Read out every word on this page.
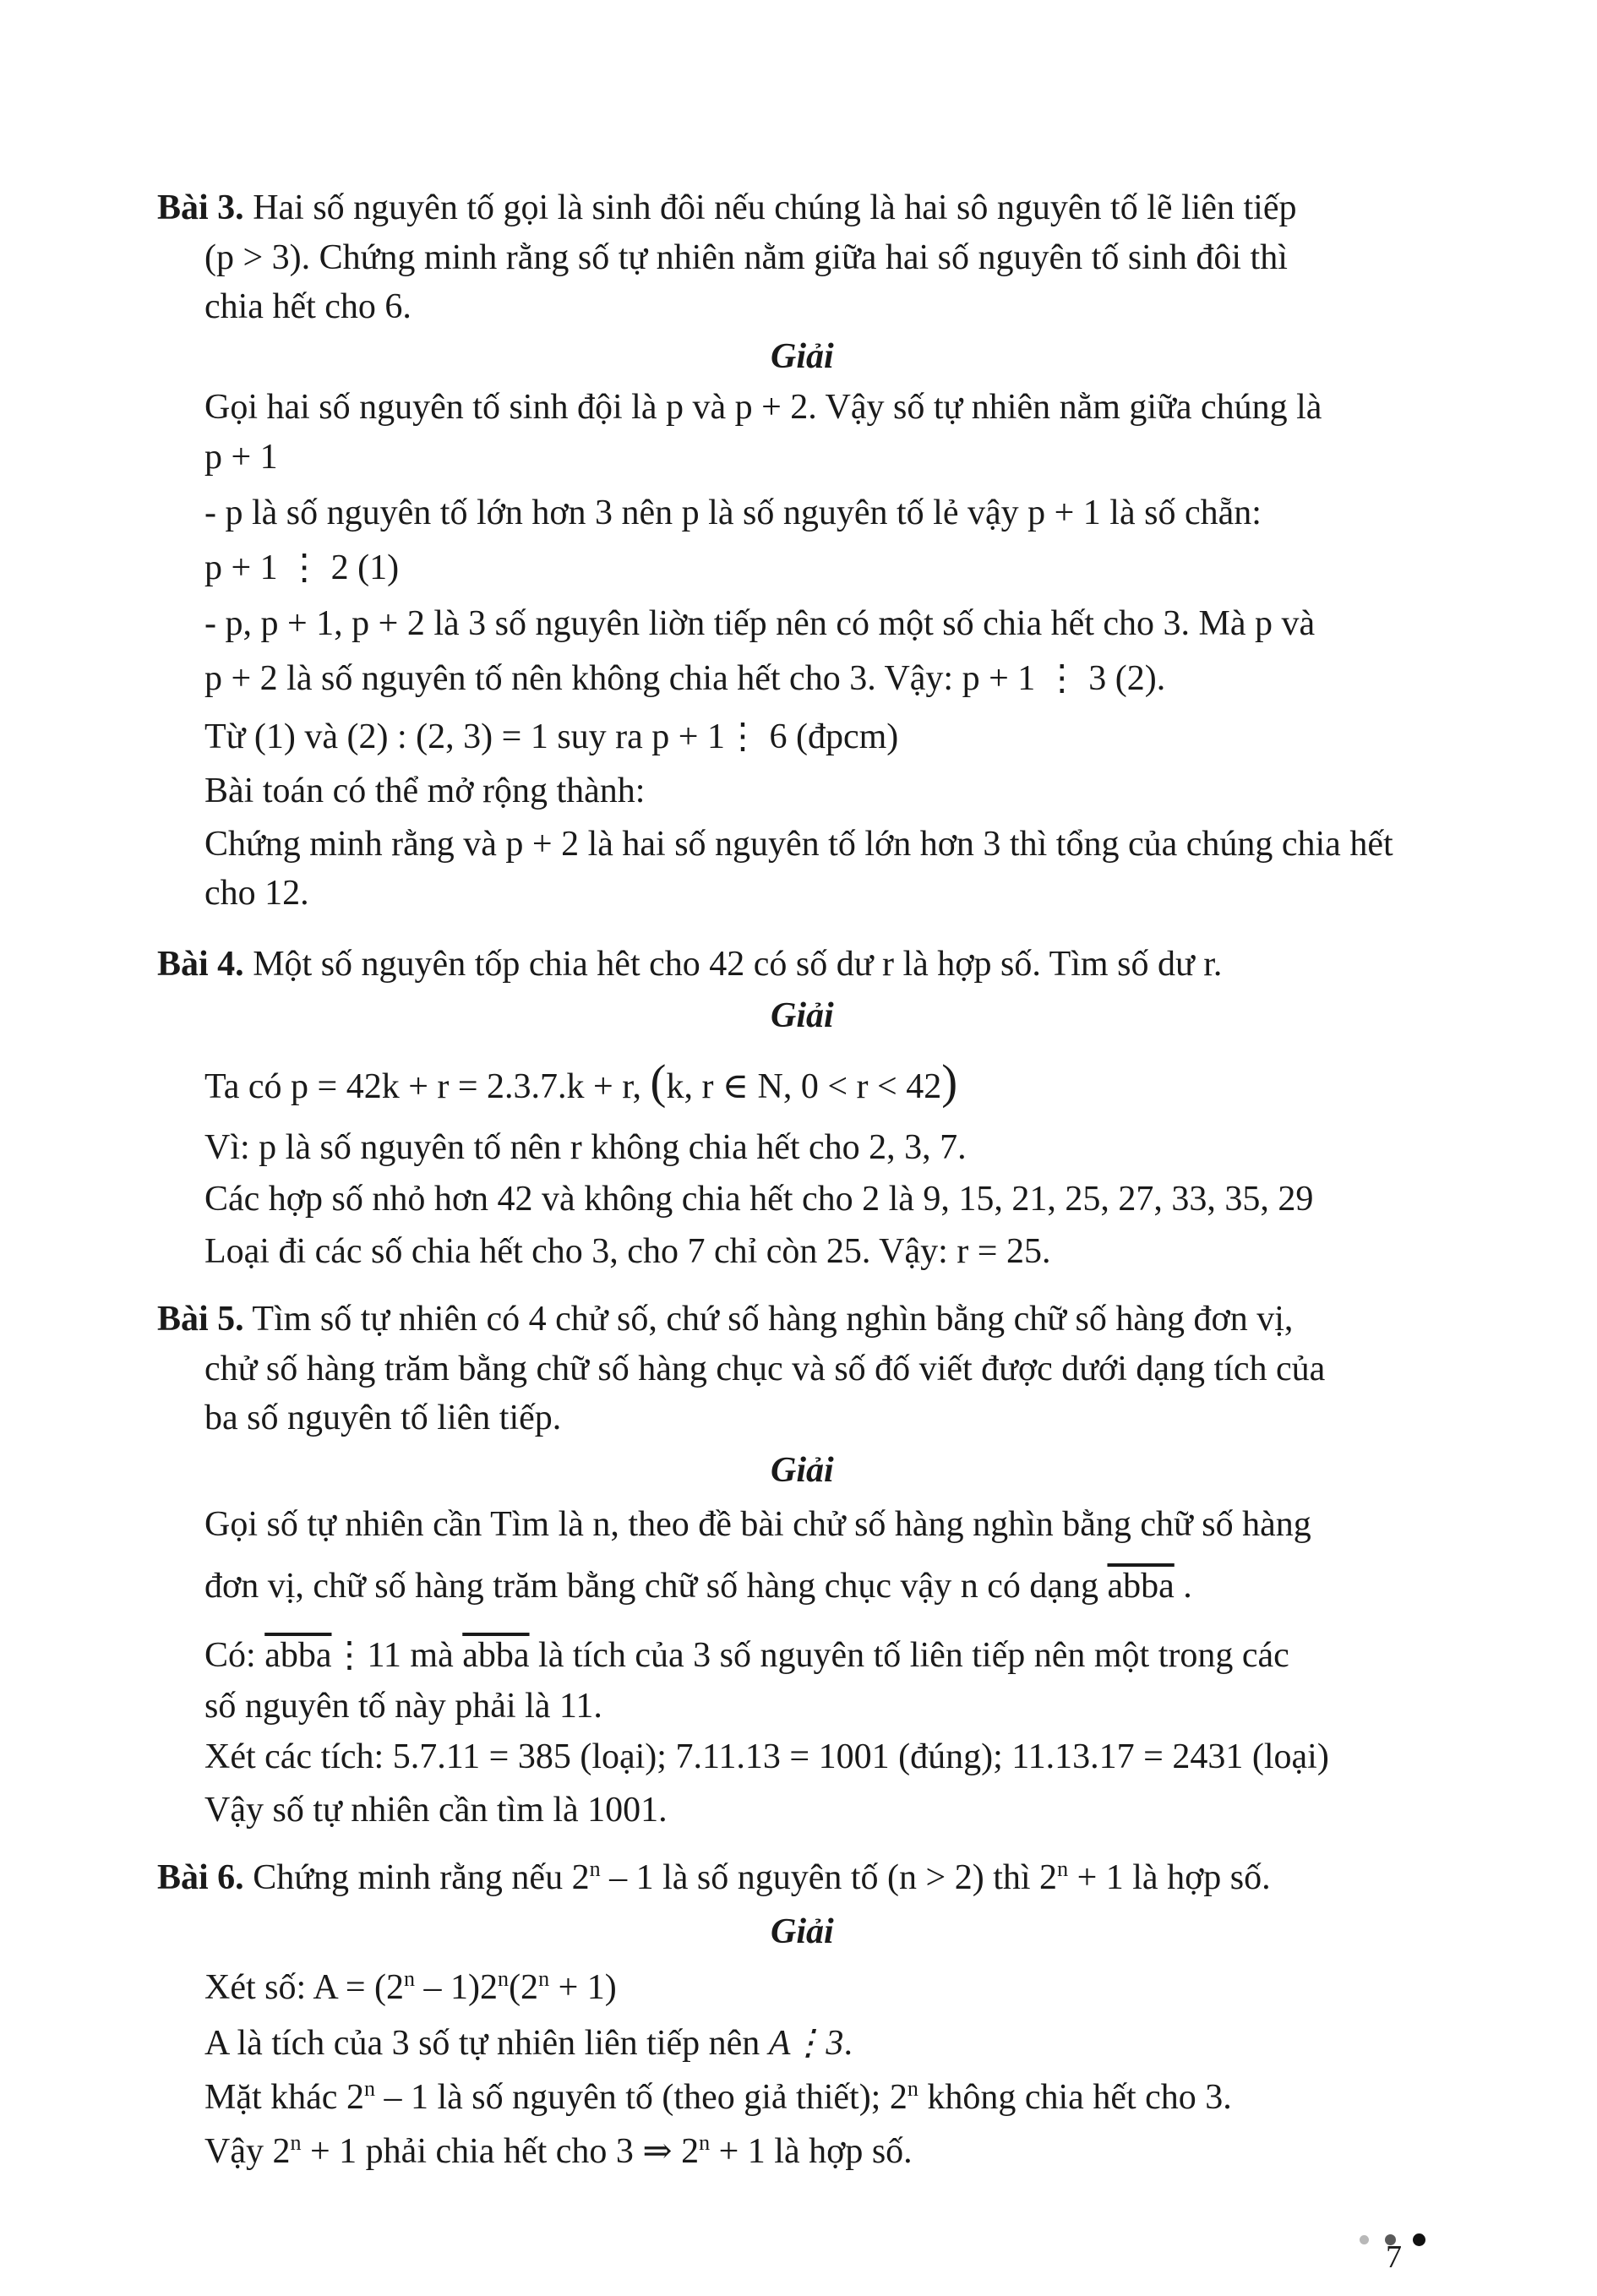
Bài 3. Hai số nguyên tố gọi là sinh đôi nếu chúng là hai sô nguyên tố lẽ liên tiếp
(p > 3). Chứng minh rằng số tự nhiên nằm giữa hai số nguyên tố sinh đôi thì
chia hết cho 6.
Giải
Gọi hai số nguyên tố sinh đội là p và p + 2. Vậy số tự nhiên nằm giữa chúng là
p + 1
- p là số nguyên tố lớn hơn 3 nên p là số nguyên tố lẻ vậy p + 1 là số chẵn:
p + 1 ⋮ 2 (1)
- p, p + 1, p + 2 là 3 số nguyên liờn tiếp nên có một số chia hết cho 3. Mà p và
p + 2 là số nguyên tố nên không chia hết cho 3. Vậy: p + 1 ⋮ 3 (2).
Từ (1) và (2) : (2, 3) = 1 suy ra p + 1⋮ 6 (đpcm)
Bài toán có thể mở rộng thành:
Chứng minh rằng và p + 2 là hai số nguyên tố lớn hơn 3 thì tổng của chúng chia hết
cho 12.
Bài 4. Một số nguyên tốp chia hêt cho 42 có số dư r là hợp số. Tìm số dư r.
Giải
Ta có p = 42k + r = 2.3.7.k + r, (k, r ∈ N, 0 < r < 42)
Vì: p là số nguyên tố nên r không chia hết cho 2, 3, 7.
Các hợp số nhỏ hơn 42 và không chia hết cho 2 là 9, 15, 21, 25, 27, 33, 35, 29
Loại đi các số chia hết cho 3, cho 7 chỉ còn 25. Vậy: r = 25.
Bài 5. Tìm số tự nhiên có 4 chử số, chứ số hàng nghìn bằng chữ số hàng đơn vị,
chử số hàng trăm bằng chữ số hàng chục và số đố viết được dưới dạng tích của
ba số nguyên tố liên tiếp.
Giải
Gọi số tự nhiên cần Tìm là n, theo đề bài chử số hàng nghìn bằng chữ số hàng
đơn vị, chữ số hàng trăm bằng chữ số hàng chục vậy n có dạng abba .
Có: abba⋮11 mà abba là tích của 3 số nguyên tố liên tiếp nên một trong các
số nguyên tố này phải là 11.
Xét các tích: 5.7.11 = 385 (loại); 7.11.13 = 1001 (đúng); 11.13.17 = 2431 (loại)
Vậy số tự nhiên cần tìm là 1001.
Bài 6. Chứng minh rằng nếu 2$^n$ – 1 là số nguyên tố (n > 2) thì $2^n + 1$ là hợp số.
Giải
Xét số: $A = (2^n - 1)2^n(2^n + 1)$
A là tích của 3 số tự nhiên liên tiếp nên A⋮3.
Mặt khác 2$^n$ – 1 là số nguyên tố (theo giả thiết); 2$^n$ không chia hết cho 3.
Vậy $2^n + 1$ phải chia hết cho 3 ⇒ $2^n + 1$ là hợp số.
7
